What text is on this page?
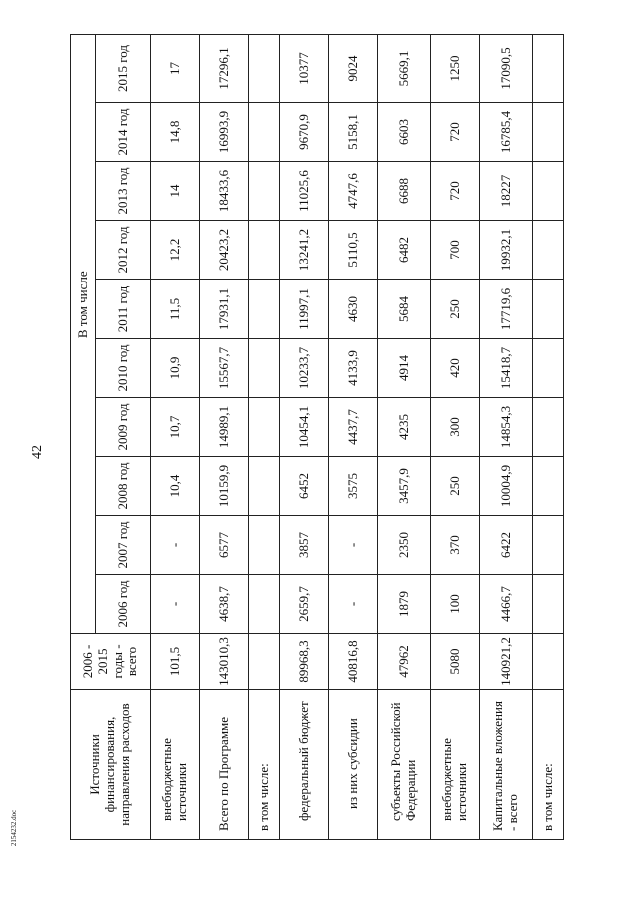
42
2154232.doc
Источники финансирования, направления расходов	2006 - 2015 годы - всего		В том числе								
		2006 год	2007 год	2008 год	2009 год	2010 год	2011 год	2012 год	2013 год	2014 год	2015 год
внебюджетные источники	101,5	-	-	10,4	10,7	10,9	11,5	12,2	14	14,8	17
Всего по Программе	143010,3	4638,7	6577	10159,9	14989,1	15567,7	17931,1	20423,2	18433,6	16993,9	17296,1
в том числе:											
федеральный бюджет	89968,3	2659,7	3857	6452	10454,1	10233,7	11997,1	13241,2	11025,6	9670,9	10377
из них субсидии	40816,8	-	-	3575	4437,7	4133,9	4630	5110,5	4747,6	5158,1	9024
субъекты Российской Федерации	47962	1879	2350	3457,9	4235	4914	5684	6482	6688	6603	5669,1
внебюджетные источники	5080	100	370	250	300	420	250	700	720	720	1250
Капитальные вложения - всего	140921,2	4466,7	6422	10004,9	14854,3	15418,7	17719,6	19932,1	18227	16785,4	17090,5
в том числе:											
